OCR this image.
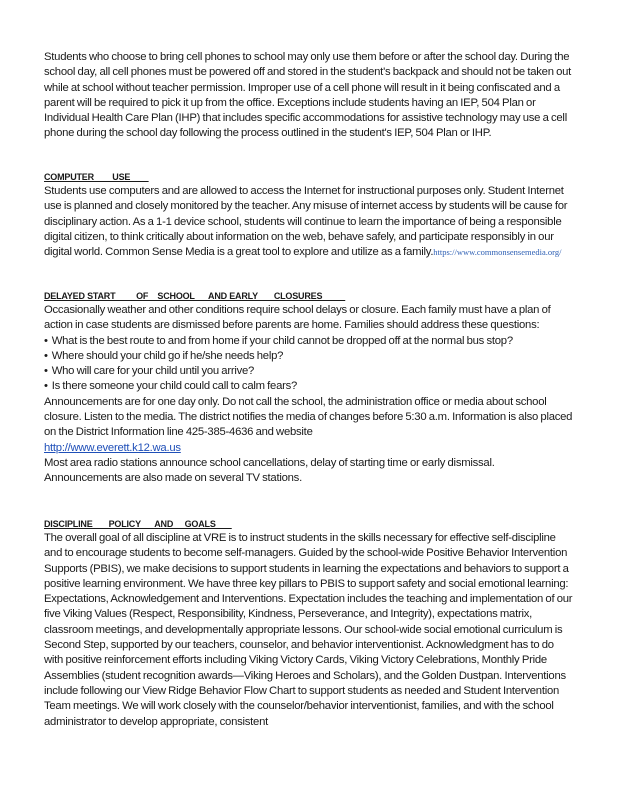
Students who choose to bring cell phones to school may only use them before or after the school day. During the school day, all cell phones must be powered off and stored in the student's backpack and should not be taken out while at school without teacher permission. Improper use of a cell phone will result in it being confiscated and a parent will be required to pick it up from the office. Exceptions include students having an IEP, 504 Plan or Individual Health Care Plan (IHP) that includes specific accommodations for assistive technology may use a cell phone during the school day following the process outlined in the student's IEP, 504 Plan or IHP.

COMPUTER        USE

Students use computers and are allowed to access the Internet for instructional purposes only. Student Internet use is planned and closely monitored by the teacher. Any misuse of internet access by students will be cause for disciplinary action. As a 1-1 device school, students will continue to learn the importance of being a responsible digital citizen, to think critically about information on the web, behave safely, and participate responsibly in our digital world. Common Sense Media is a great tool to explore and utilize as a family.https://www.commonsensemedia.org/

DELAYED START         OF    SCHOOL      AND EARLY       CLOSURES

Occasionally weather and other conditions require school delays or closure. Each family must have a plan of action in case students are dismissed before parents are home. Families should address these questions:

• What is the best route to and from home if your child cannot be dropped off at the normal bus stop?
• Where should your child go if he/she needs help?
• Who will care for your child until you arrive?
• Is there someone your child could call to calm fears?

Announcements are for one day only. Do not call the school, the administration office or media about school closure. Listen to the media. The district notifies the media of changes before 5:30 a.m. Information is also placed on the District Information line 425-385-4636 and website
http://www.everett.k12.wa.us

Most area radio stations announce school cancellations, delay of starting time or early dismissal. Announcements are also made on several TV stations.

DISCIPLINE       POLICY      AND     GOALS

The overall goal of all discipline at VRE is to instruct students in the skills necessary for effective self-discipline and to encourage students to become self-managers. Guided by the school-wide Positive Behavior Intervention Supports (PBIS), we make decisions to support students in learning the expectations and behaviors to support a positive learning environment. We have three key pillars to PBIS to support safety and social emotional learning: Expectations, Acknowledgement and Interventions. Expectation includes the teaching and implementation of our five Viking Values (Respect, Responsibility, Kindness, Perseverance, and Integrity), expectations matrix, classroom meetings, and developmentally appropriate lessons. Our school-wide social emotional curriculum is Second Step, supported by our teachers, counselor, and behavior interventionist. Acknowledgment has to do with positive reinforcement efforts including Viking Victory Cards, Viking Victory Celebrations, Monthly Pride Assemblies (student recognition awards—Viking Heroes and Scholars), and the Golden Dustpan. Interventions include following our View Ridge Behavior Flow Chart to support students as needed and Student Intervention Team meetings. We will work closely with the counselor/behavior interventionist, families, and with the school administrator to develop appropriate, consistent
